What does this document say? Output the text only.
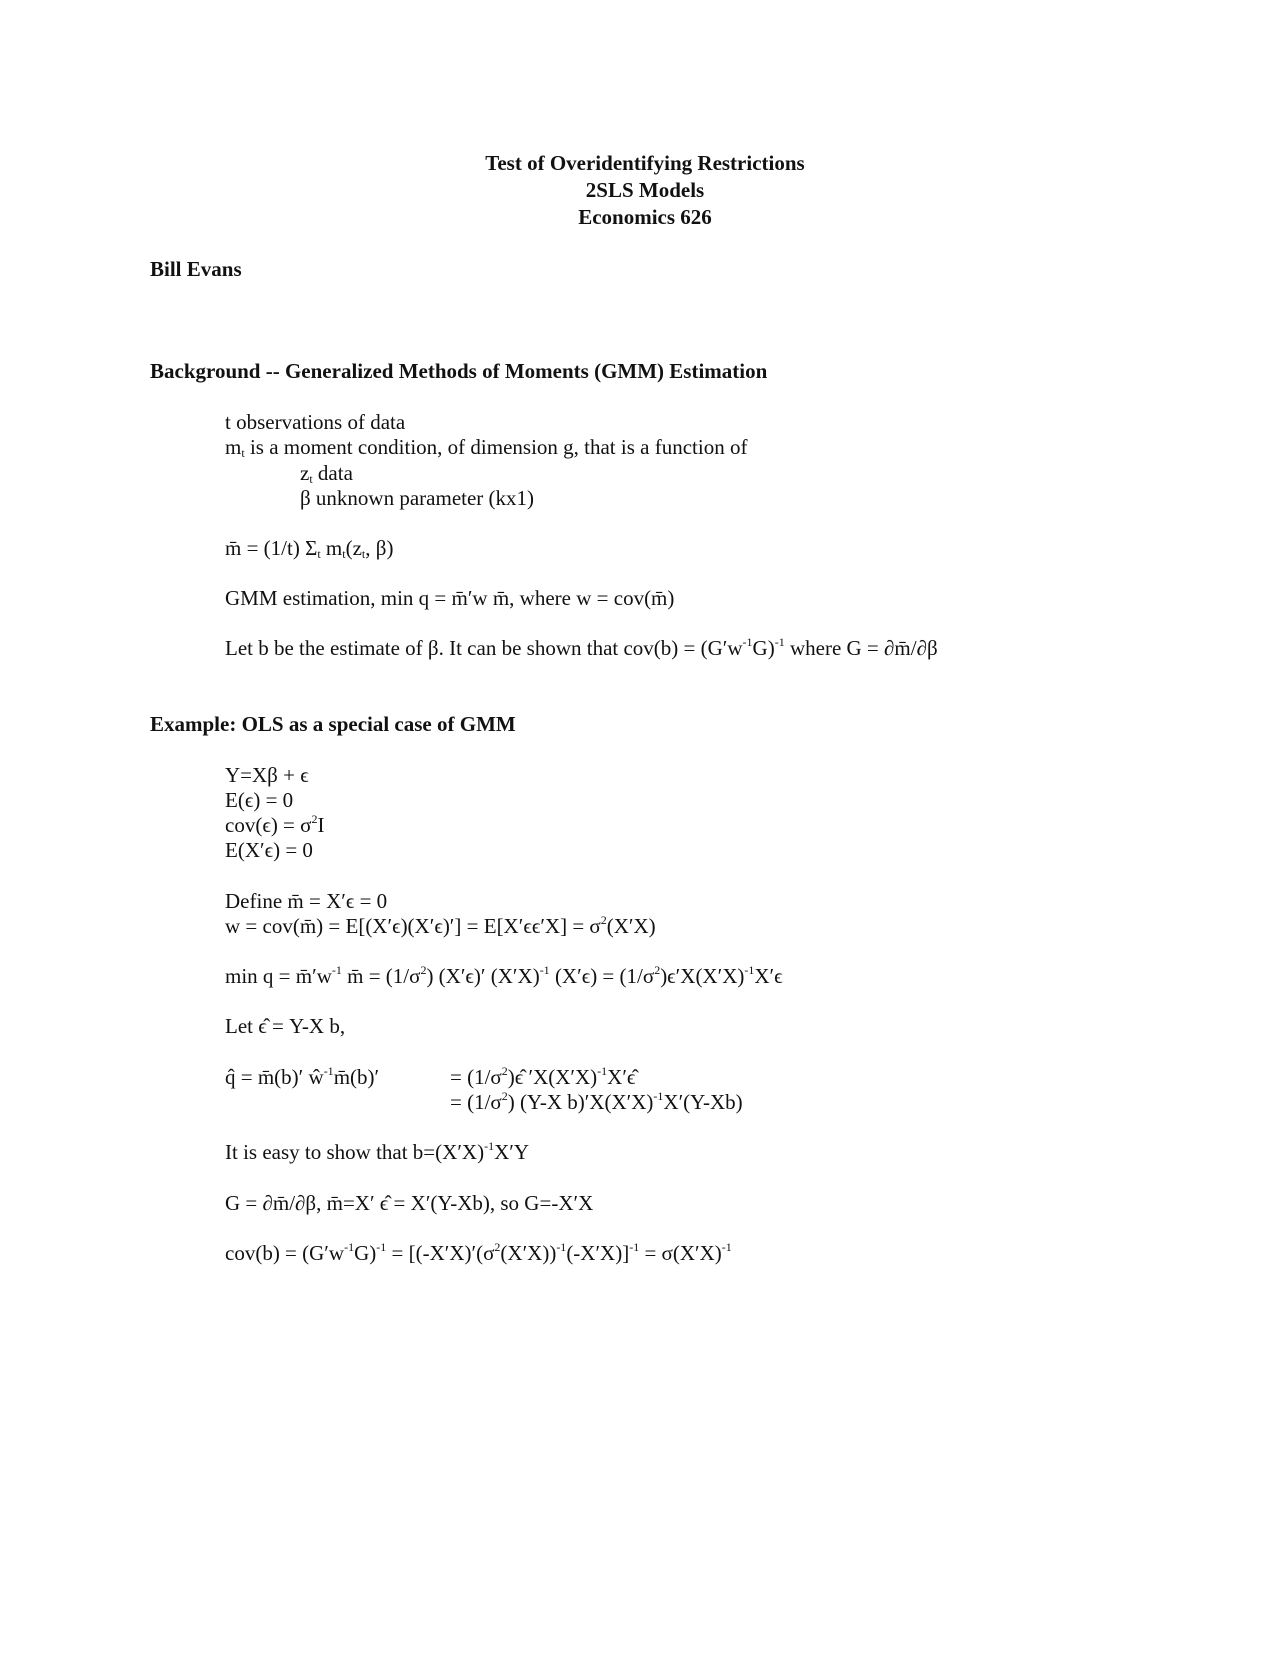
Test of Overidentifying Restrictions
2SLS Models
Economics 626
Bill Evans
Background -- Generalized Methods of Moments (GMM) Estimation
t observations of data
$m_t$ is a moment condition, of dimension g, that is a function of
$z_t$ data
β unknown parameter (kx1)
m̄ = (1/t) $\Sigma_t$ $m_t(z_t$, β)
GMM estimation, min q = m̄′w m̄, where w = cov(m̄)
Let b be the estimate of β. It can be shown that $cov(b) = (G'w^{-1}G)^{-1}$ where G = ∂m̄/∂β
Example: OLS as a special case of GMM
Y=Xβ + ϵ
E(ϵ) = 0
$cov(\epsilon) = \sigma^2I$
E(X′ϵ) = 0
Define m̄ = X′ϵ = 0
w = cov(m̄) = $E[(X'\epsilon)(X'\epsilon)'] = E[X'\epsilon\epsilon'X] = \sigma^2(X'X)$
$\min q = m̄'w^{-1}$ m̄ = $(1/\sigma^2)$ (X′ϵ)′ $(X'X)^{-1}$ $(X'\epsilon) = (1/\sigma^2)\epsilon'X(X'X)^{-1}X'\epsilon$
Let ϵ̂ = Y-X b,
q̂ = m̄(b)′ $ŵ^{-1}m̄(b)'$	= $(1/\sigma^2)\epsilon̂$ $'X(X'X)^{-1}X'\epsilon̂$
= $(1/\sigma^2)$ (Y-X $b)'X(X'X)^{-1}X'(Y-Xb)$
It is easy to show that $b=(X'X)^{-1}X'Y$
G = ∂m̄/∂β, m̄=X′ ϵ̂ = X′(Y-Xb), so G=-X′X
$cov(b) = (G'w^{-1}G)^{-1} = [(-X'X)'(\sigma^2(X'X))^{-1}(-X'X)]^{-1} = \sigma(X'X)^{-1}$
